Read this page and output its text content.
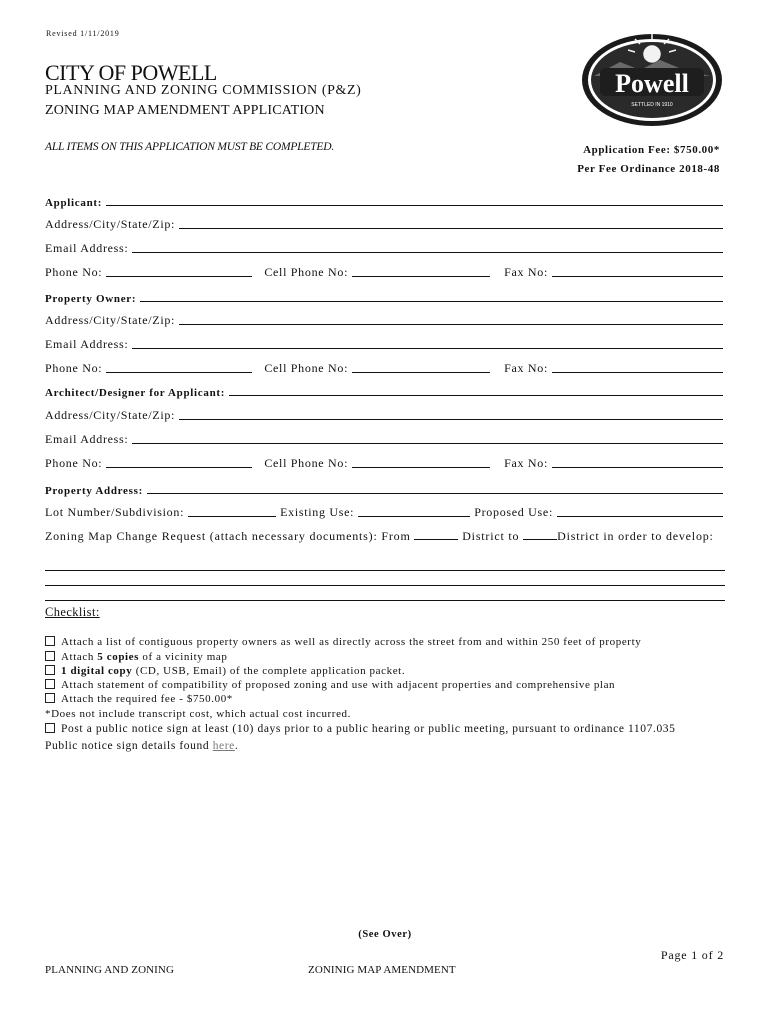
Revised 1/11/2019
CITY OF POWELL
PLANNING AND ZONING COMMISSION (P&Z)
ZONING MAP AMENDMENT APPLICATION
ALL ITEMS ON THIS APPLICATION MUST BE COMPLETED.	Application Fee: $750.00*
Per Fee Ordinance 2018-48
Powell
SETTLED IN 1910
Applicant:
Address/City/State/Zip:
Email Address:
Phone No:	Cell Phone No:	Fax No:
Property Owner:
Address/City/State/Zip:
Email Address:
Phone No:	Cell Phone No:	Fax No:
Architect/Designer for Applicant:
Address/City/State/Zip:
Email Address:
Phone No:	Cell Phone No:	Fax No:
Property Address:
Lot Number/Subdivision:	Existing Use:	Proposed Use:
Zoning Map Change Request (attach necessary documents): From	District to	District in order to develop:
Checklist:
Attach a list of contiguous property owners as well as directly across the street from and within 250 feet of property
Attach 5 copies of a vicinity map
1 digital copy (CD, USB, Email) of the complete application packet.
Attach statement of compatibility of proposed zoning and use with adjacent properties and comprehensive plan
Attach the required fee - $750.00*
*Does not include transcript cost, which actual cost incurred.
Post a public notice sign at least (10) days prior to a public hearing or public meeting, pursuant to ordinance 1107.035
Public notice sign details found here.
(See Over)
Page 1 of 2
PLANNING AND ZONING	ZONINIG MAP AMENDMENT
